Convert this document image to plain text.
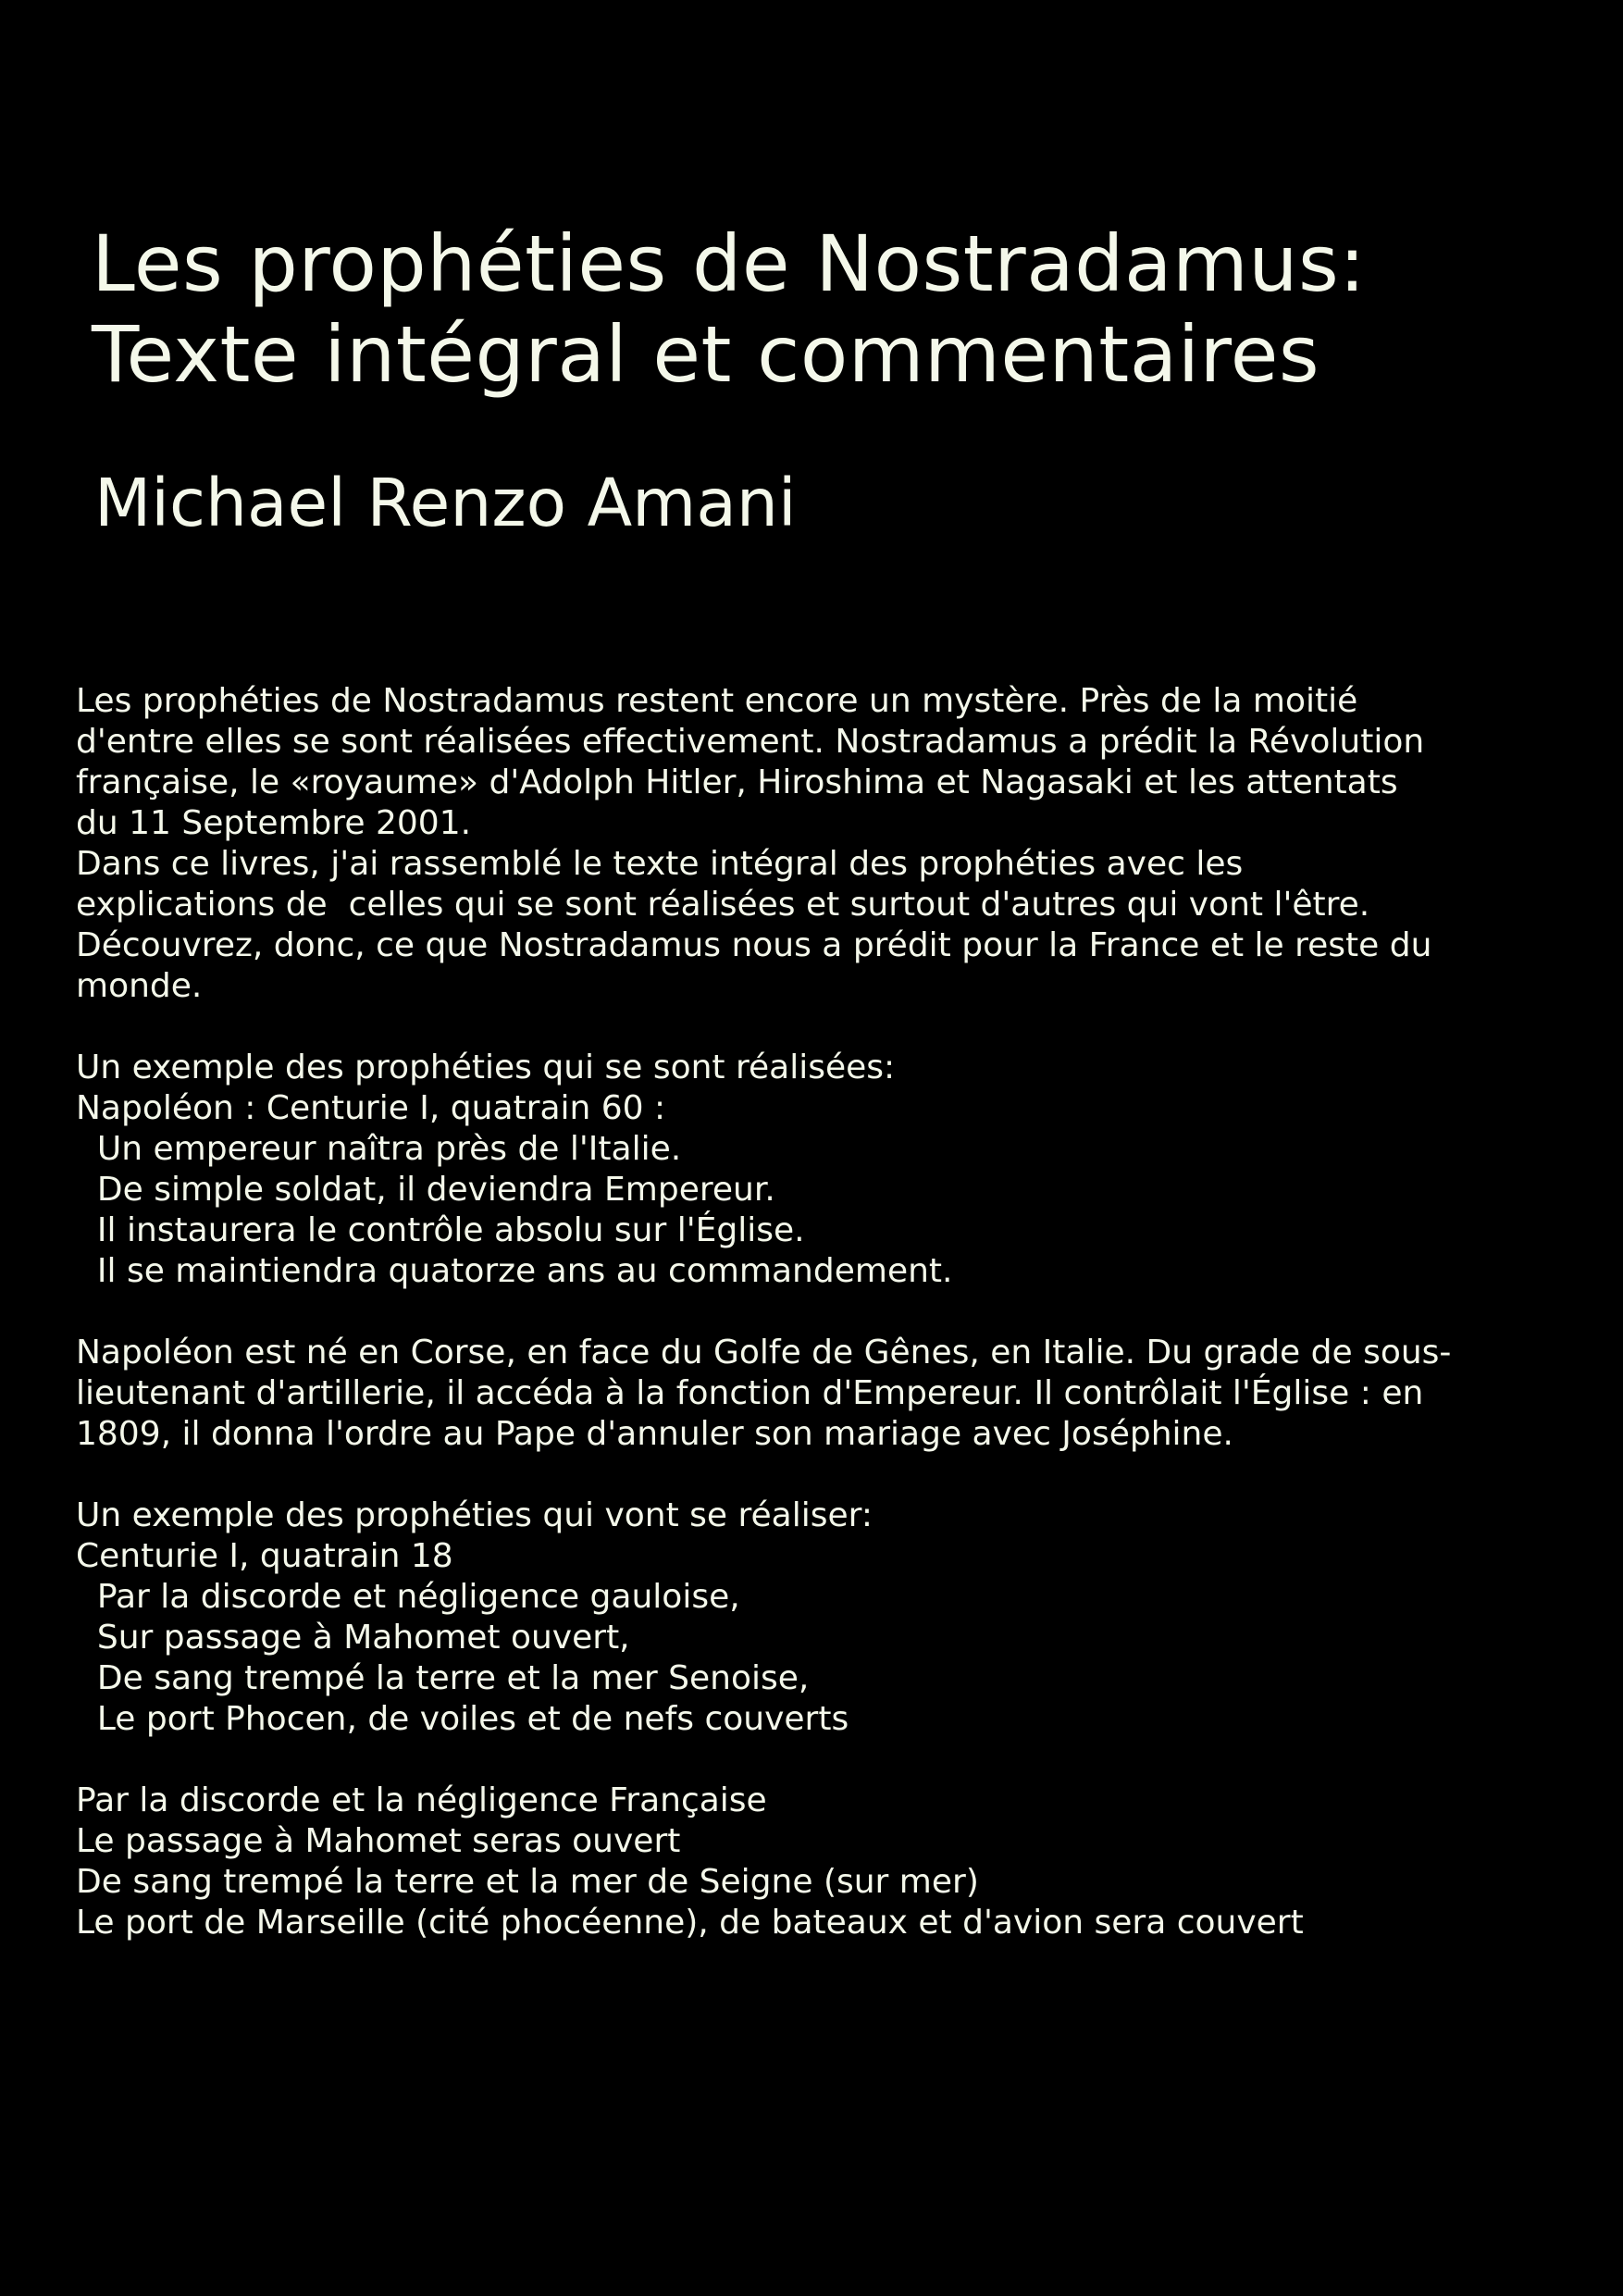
Les prophéties de Nostradamus:
Texte intégral et commentaires
Michael Renzo Amani
Les prophéties de Nostradamus restent encore un mystère. Près de la moitié
d'entre elles se sont réalisées effectivement. Nostradamus a prédit la Révolution
française, le «royaume» d'Adolph Hitler, Hiroshima et Nagasaki et les attentats
du 11 Septembre 2001.
Dans ce livres, j'ai rassemblé le texte intégral des prophéties avec les
explications de  celles qui se sont réalisées et surtout d'autres qui vont l'être.
Découvrez, donc, ce que Nostradamus nous a prédit pour la France et le reste du
monde.
Un exemple des prophéties qui se sont réalisées:
Napoléon : Centurie I, quatrain 60 :
Un empereur naîtra près de l'Italie.
De simple soldat, il deviendra Empereur.
Il instaurera le contrôle absolu sur l'Église.
Il se maintiendra quatorze ans au commandement.
Napoléon est né en Corse, en face du Golfe de Gênes, en Italie. Du grade de sous-
lieutenant d'artillerie, il accéda à la fonction d'Empereur. Il contrôlait l'Église : en
1809, il donna l'ordre au Pape d'annuler son mariage avec Joséphine.
Un exemple des prophéties qui vont se réaliser:
Centurie I, quatrain 18
Par la discorde et négligence gauloise,
Sur passage à Mahomet ouvert,
De sang trempé la terre et la mer Senoise,
Le port Phocen, de voiles et de nefs couverts
Par la discorde et la négligence Française
Le passage à Mahomet seras ouvert
De sang trempé la terre et la mer de Seigne (sur mer)
Le port de Marseille (cité phocéenne), de bateaux et d'avion sera couvert
